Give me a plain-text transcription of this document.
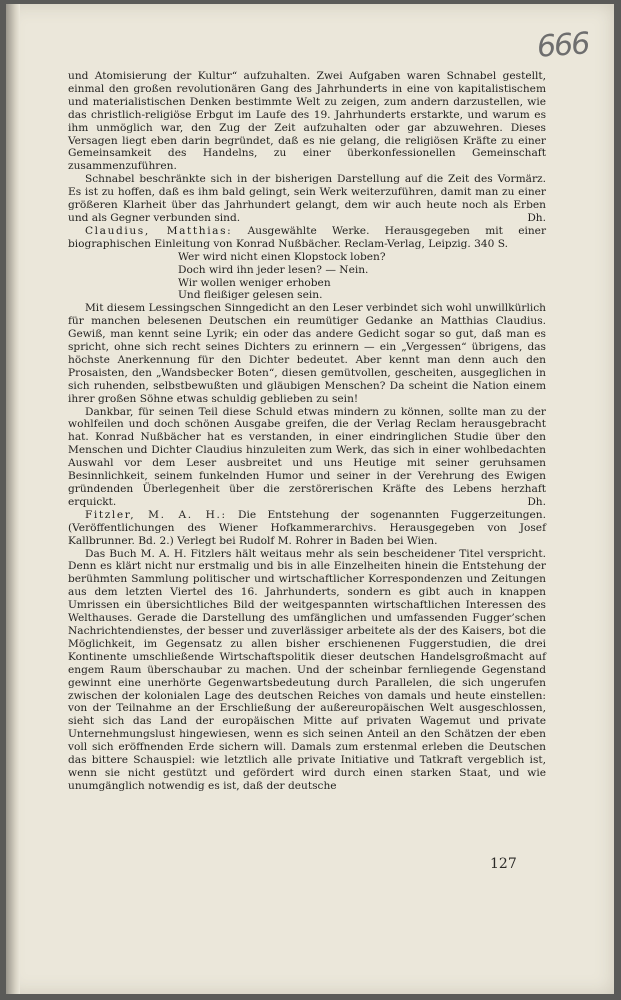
666

und Atomisierung der Kultur“ aufzuhalten. Zwei Aufgaben waren Schnabel gestellt, einmal den großen revolutionären Gang des Jahrhunderts in eine von kapitalistischem und materialistischen Denken bestimmte Welt zu zeigen, zum andern darzustellen, wie das christlich-religiöse Erbgut im Laufe des 19. Jahrhunderts erstarkte, und warum es ihm unmöglich war, den Zug der Zeit aufzuhalten oder gar abzuwehren. Dieses Versagen liegt eben darin begründet, daß es nie gelang, die religiösen Kräfte zu einer Gemeinsamkeit des Handelns, zu einer überkonfessionellen Gemeinschaft zusammenzuführen.

Schnabel beschränkte sich in der bisherigen Darstellung auf die Zeit des Vormärz. Es ist zu hoffen, daß es ihm bald gelingt, sein Werk weiterzuführen, damit man zu einer größeren Klarheit über das Jahrhundert gelangt, dem wir auch heute noch als Erben und als Gegner verbunden sind.	Dh.

Claudius, Matthias: Ausgewählte Werke. Herausgegeben mit einer biographischen Einleitung von Konrad Nußbächer. Reclam-Verlag, Leipzig. 340 S.

Wer wird nicht einen Klopstock loben?
Doch wird ihn jeder lesen? — Nein.
Wir wollen weniger erhoben
Und fleißiger gelesen sein.

Mit diesem Lessingschen Sinngedicht an den Leser verbindet sich wohl unwillkürlich für manchen belesenen Deutschen ein reumütiger Gedanke an Matthias Claudius. Gewiß, man kennt seine Lyrik; ein oder das andere Gedicht sogar so gut, daß man es spricht, ohne sich recht seines Dichters zu erinnern — ein „Vergessen“ übrigens, das höchste Anerkennung für den Dichter bedeutet. Aber kennt man denn auch den Prosaisten, den „Wandsbecker Boten“, diesen gemütvollen, gescheiten, ausgeglichen in sich ruhenden, selbstbewußten und gläubigen Menschen? Da scheint die Nation einem ihrer großen Söhne etwas schuldig geblieben zu sein!

Dankbar, für seinen Teil diese Schuld etwas mindern zu können, sollte man zu der wohlfeilen und doch schönen Ausgabe greifen, die der Verlag Reclam herausgebracht hat. Konrad Nußbächer hat es verstanden, in einer eindringlichen Studie über den Menschen und Dichter Claudius hinzuleiten zum Werk, das sich in einer wohlbedachten Auswahl vor dem Leser ausbreitet und uns Heutige mit seiner geruhsamen Besinnlichkeit, seinem funkelnden Humor und seiner in der Verehrung des Ewigen gründenden Überlegenheit über die zerstörerischen Kräfte des Lebens herzhaft erquickt.	Dh.

Fitzler, M. A. H.: Die Entstehung der sogenannten Fuggerzeitungen. (Veröffentlichungen des Wiener Hofkammerarchivs. Herausgegeben von Josef Kallbrunner. Bd. 2.) Verlegt bei Rudolf M. Rohrer in Baden bei Wien.

Das Buch M. A. H. Fitzlers hält weitaus mehr als sein bescheidener Titel verspricht. Denn es klärt nicht nur erstmalig und bis in alle Einzelheiten hinein die Entstehung der berühmten Sammlung politischer und wirtschaftlicher Korrespondenzen und Zeitungen aus dem letzten Viertel des 16. Jahrhunderts, sondern es gibt auch in knappen Umrissen ein übersichtliches Bild der weitgespannten wirtschaftlichen Interessen des Welthauses. Gerade die Darstellung des umfänglichen und umfassenden Fugger’schen Nachrichtendienstes, der besser und zuverlässiger arbeitete als der des Kaisers, bot die Möglichkeit, im Gegensatz zu allen bisher erschienenen Fuggerstudien, die drei Kontinente umschließende Wirtschaftspolitik dieser deutschen Handelsgroßmacht auf engem Raum überschaubar zu machen. Und der scheinbar fernliegende Gegenstand gewinnt eine unerhörte Gegenwartsbedeutung durch Parallelen, die sich ungerufen zwischen der kolonialen Lage des deutschen Reiches von damals und heute einstellen: von der Teilnahme an der Erschließung der außereuropäischen Welt ausgeschlossen, sieht sich das Land der europäischen Mitte auf privaten Wagemut und private Unternehmungslust hingewiesen, wenn es sich seinen Anteil an den Schätzen der eben voll sich eröffnenden Erde sichern will. Damals zum erstenmal erleben die Deutschen das bittere Schauspiel: wie letztlich alle private Initiative und Tatkraft vergeblich ist, wenn sie nicht gestützt und gefördert wird durch einen starken Staat, und wie unumgänglich notwendig es ist, daß der deutsche

127
